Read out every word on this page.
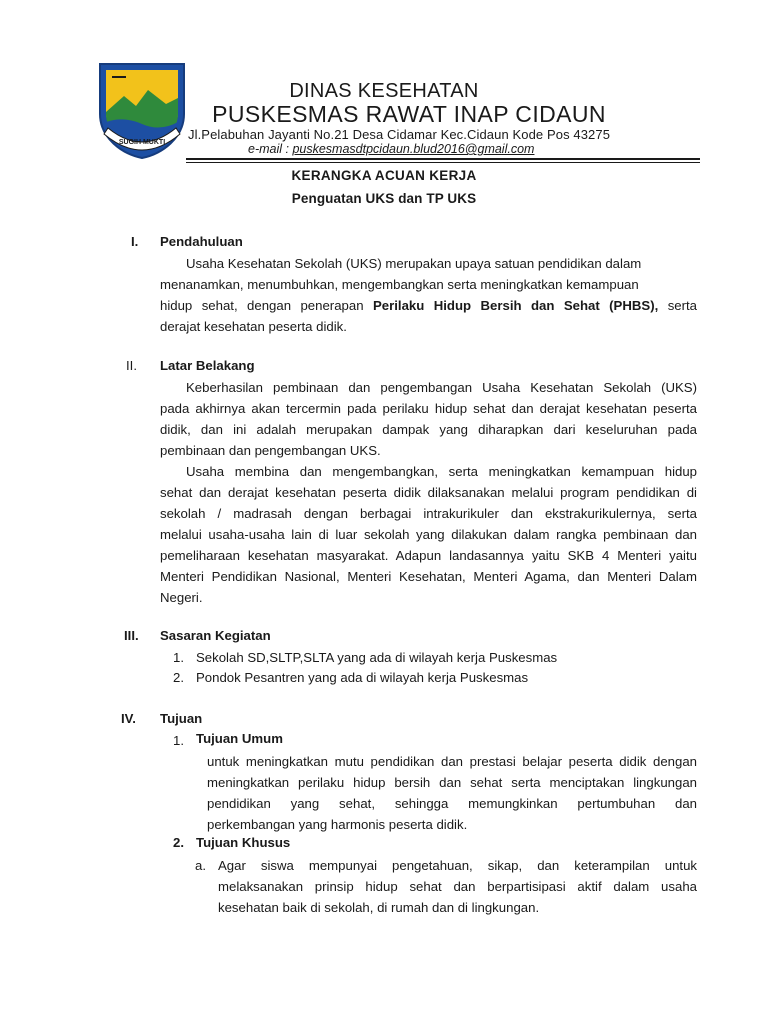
SUGIH MUKTI
DINAS KESEHATAN
PUSKESMAS RAWAT INAP CIDAUN
Jl.Pelabuhan Jayanti No.21 Desa Cidamar Kec.Cidaun Kode Pos 43275
e-mail : puskesmasdtpcidaun.blud2016@gmail.com
KERANGKA ACUAN KERJA
Penguatan UKS dan TP UKS
I.	Pendahuluan

Usaha Kesehatan Sekolah (UKS) merupakan upaya satuan pendidikan dalam

menanamkan, menumbuhkan, mengembangkan serta meningkatkan kemampuan

hidup sehat, dengan penerapan Perilaku Hidup Bersih dan Sehat (PHBS), serta

derajat kesehatan peserta didik.

II.	Latar Belakang

Keberhasilan pembinaan dan pengembangan Usaha Kesehatan Sekolah (UKS)

pada akhirnya akan tercermin pada perilaku hidup sehat dan derajat kesehatan peserta

didik, dan ini adalah merupakan dampak yang diharapkan dari keseluruhan pada

pembinaan dan pengembangan UKS.

Usaha membina dan mengembangkan, serta meningkatkan kemampuan hidup

sehat dan derajat kesehatan peserta didik dilaksanakan melalui program pendidikan di

sekolah / madrasah dengan berbagai intrakurikuler dan ekstrakurikulernya, serta

melalui usaha-usaha lain di luar sekolah yang dilakukan dalam rangka pembinaan dan

pemeliharaan kesehatan masyarakat. Adapun landasannya yaitu SKB 4 Menteri yaitu

Menteri Pendidikan Nasional, Menteri Kesehatan, Menteri Agama, dan Menteri Dalam

Negeri.

III.	Sasaran Kegiatan
1. Sekolah SD,SLTP,SLTA yang ada di wilayah kerja Puskesmas
2. Pondok Pesantren yang ada di wilayah kerja Puskesmas
IV.	Tujuan
1. Tujuan Umum

untuk meningkatkan mutu pendidikan dan prestasi belajar peserta didik dengan

meningkatkan perilaku hidup bersih dan sehat serta menciptakan lingkungan

pendidikan yang sehat, sehingga memungkinkan pertumbuhan dan

perkembangan yang harmonis peserta didik.

2. Tujuan Khusus
a. Agar siswa mempunyai pengetahuan, sikap, dan keterampilan untuk

melaksanakan prinsip hidup sehat dan berpartisipasi aktif dalam usaha

kesehatan baik di sekolah, di rumah dan di lingkungan.
